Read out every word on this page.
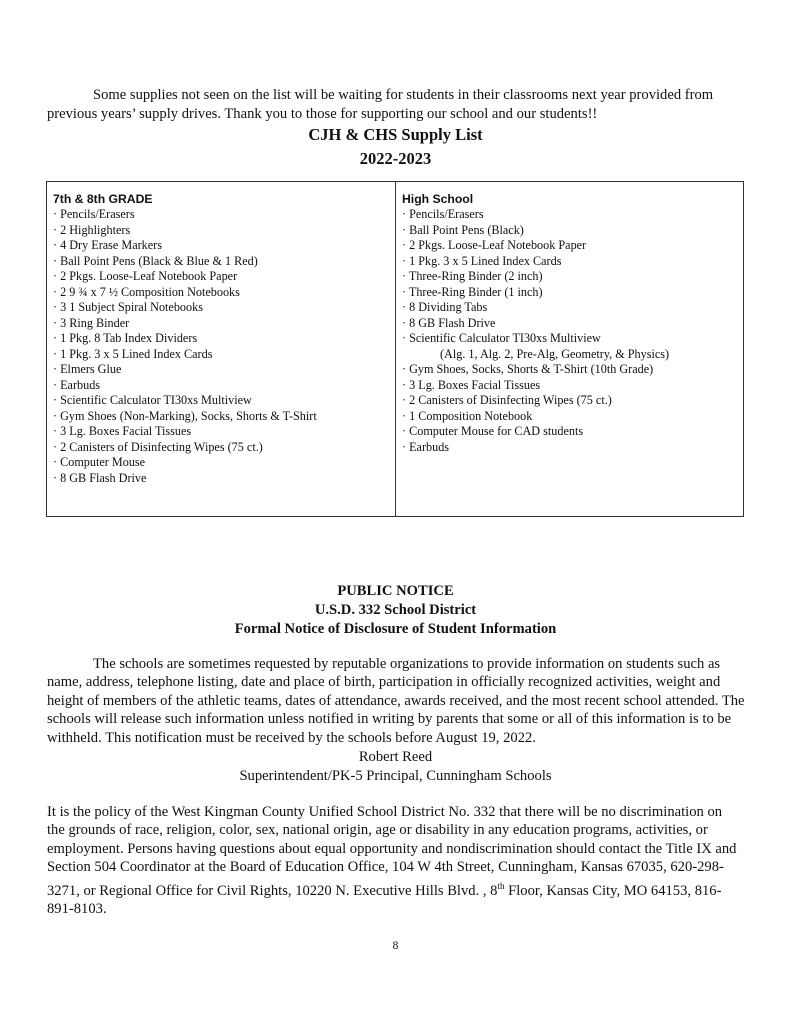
Some supplies not seen on the list will be waiting for students in their classrooms next year provided from previous years’ supply drives. Thank you to those for supporting our school and our students!!

CJH & CHS Supply List

2022-2023

7th & 8th GRADE

· Pencils/Erasers
· 2 Highlighters
· 4 Dry Erase Markers
· Ball Point Pens (Black & Blue & 1 Red)
· 2 Pkgs. Loose-Leaf Notebook Paper
· 2 9 ¾ x 7 ½ Composition Notebooks
· 3 1 Subject Spiral Notebooks
· 3 Ring Binder
· 1 Pkg. 8 Tab Index Dividers
· 1 Pkg. 3 x 5 Lined Index Cards
· Elmers Glue
· Earbuds
· Scientific Calculator TI30xs Multiview
· Gym Shoes (Non-Marking), Socks, Shorts & T-Shirt
· 3 Lg. Boxes Facial Tissues
· 2 Canisters of Disinfecting Wipes (75 ct.)
· Computer Mouse
· 8 GB Flash Drive

High School

· Pencils/Erasers
· Ball Point Pens (Black)
· 2 Pkgs. Loose-Leaf Notebook Paper
· 1 Pkg. 3 x 5 Lined Index Cards
· Three-Ring Binder (2 inch)
· Three-Ring Binder (1 inch)
· 8 Dividing Tabs
· 8 GB Flash Drive
· Scientific Calculator TI30xs Multiview
(Alg. 1, Alg. 2, Pre-Alg, Geometry, & Physics)
· Gym Shoes, Socks, Shorts & T-Shirt (10th Grade)
· 3 Lg. Boxes Facial Tissues
· 2 Canisters of Disinfecting Wipes (75 ct.)
· 1 Composition Notebook
· Computer Mouse for CAD students
· Earbuds

PUBLIC NOTICE

U.S.D. 332 School District

Formal Notice of Disclosure of Student Information

The schools are sometimes requested by reputable organizations to provide information on students such as name, address, telephone listing, date and place of birth, participation in officially recognized activities, weight and height of members of the athletic teams, dates of attendance, awards received, and the most recent school attended. The schools will release such information unless notified in writing by parents that some or all of this information is to be withheld. This notification must be received by the schools before August 19, 2022.

Robert Reed

Superintendent/PK-5 Principal, Cunningham Schools

It is the policy of the West Kingman County Unified School District No. 332 that there will be no discrimination on the grounds of race, religion, color, sex, national origin, age or disability in any education programs, activities, or employment. Persons having questions about equal opportunity and nondiscrimination should contact the Title IX and Section 504 Coordinator at the Board of Education Office, 104 W 4th Street, Cunningham, Kansas 67035, 620-298-3271, or Regional Office for Civil Rights, 10220 N. Executive Hills Blvd. , 8th Floor, Kansas City, MO 64153, 816-891-8103.

8
